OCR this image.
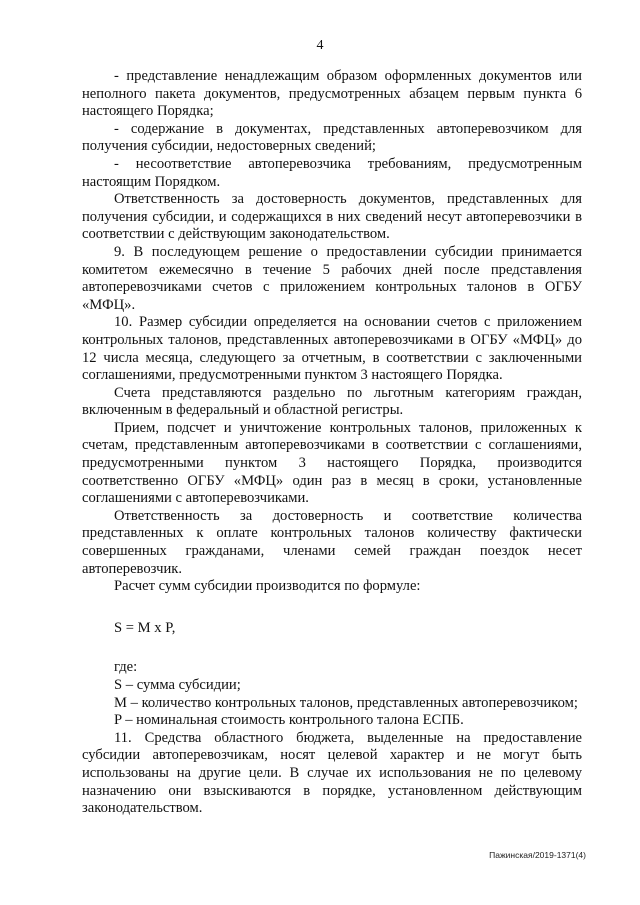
4

- представление ненадлежащим образом оформленных документов или неполного пакета документов, предусмотренных абзацем первым пункта 6 настоящего Порядка;

- содержание в документах, представленных автоперевозчиком для получения субсидии, недостоверных сведений;

- несоответствие автоперевозчика требованиям, предусмотренным настоящим Порядком.

Ответственность за достоверность документов, представленных для получения субсидии, и содержащихся в них сведений несут автоперевозчики в соответствии с действующим законодательством.

9. В последующем решение о предоставлении субсидии принимается комитетом ежемесячно в течение 5 рабочих дней после представления автоперевозчиками счетов с приложением контрольных талонов в ОГБУ «МФЦ».

10. Размер субсидии определяется на основании счетов с приложением контрольных талонов, представленных автоперевозчиками в ОГБУ «МФЦ» до 12 числа месяца, следующего за отчетным, в соответствии с заключенными соглашениями, предусмотренными пунктом 3 настоящего Порядка.

Счета представляются раздельно по льготным категориям граждан, включенным в федеральный и областной регистры.

Прием, подсчет и уничтожение контрольных талонов, приложенных к счетам, представленным автоперевозчиками в соответствии с соглашениями, предусмотренными пунктом 3 настоящего Порядка, производится соответственно ОГБУ «МФЦ» один раз в месяц в сроки, установленные соглашениями с автоперевозчиками.

Ответственность за достоверность и соответствие количества представленных к оплате контрольных талонов количеству фактически совершенных гражданами, членами семей граждан поездок несет автоперевозчик.

Расчет сумм субсидии производится по формуле:

S = M x P,
где:

S – сумма субсидии;

M – количество контрольных талонов, представленных автоперевозчиком;

P – номинальная стоимость контрольного талона ЕСПБ.

11. Средства областного бюджета, выделенные на предоставление субсидии автоперевозчикам, носят целевой характер и не могут быть использованы на другие цели. В случае их использования не по целевому назначению они взыскиваются в порядке, установленном действующим законодательством.

Пажинская/2019-1371(4)
